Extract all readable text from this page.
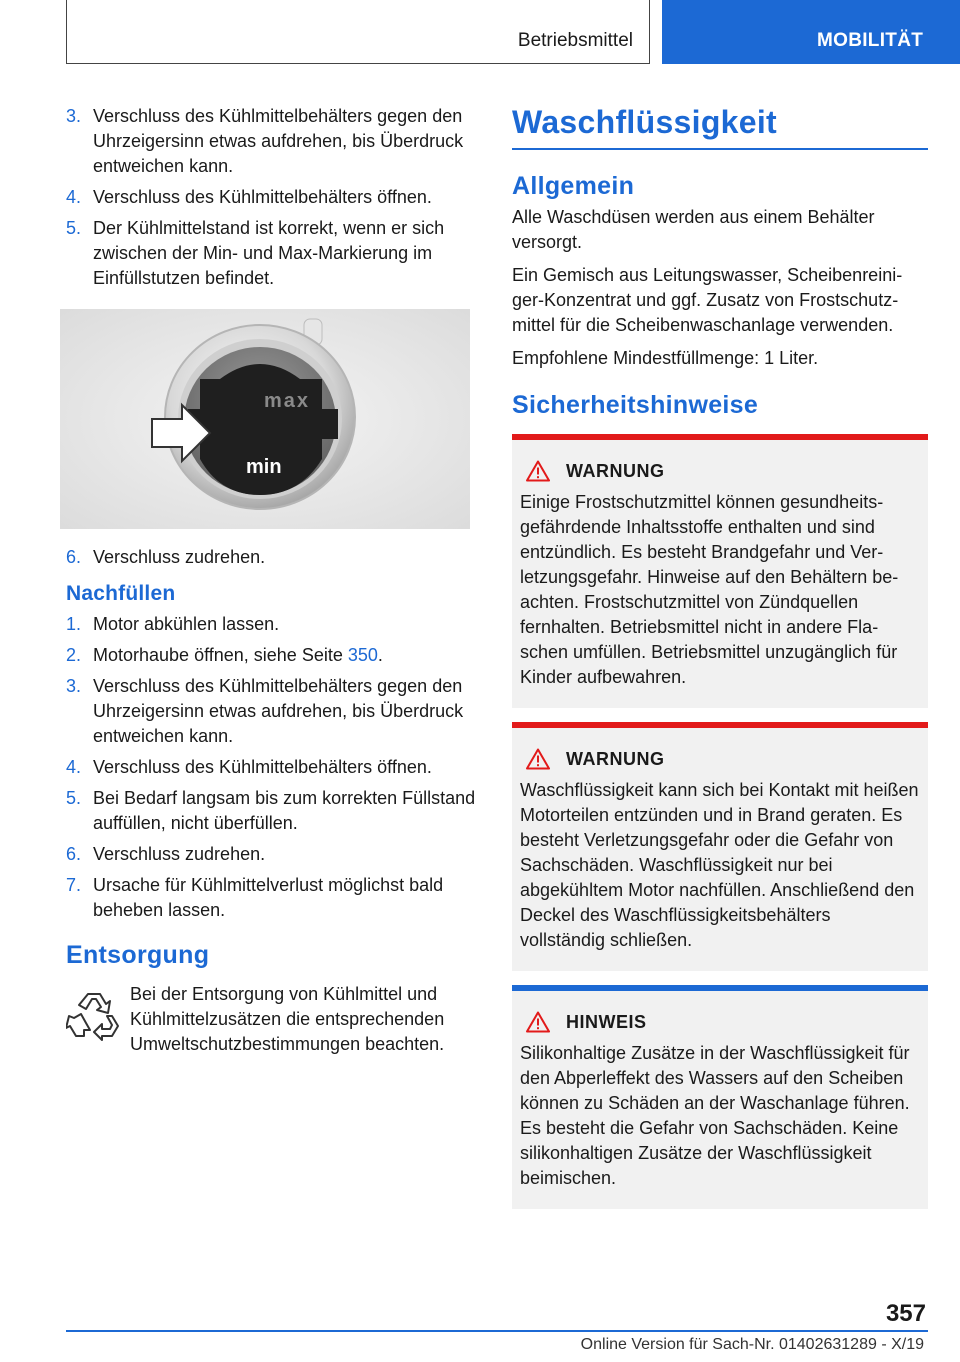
Betriebsmittel	MOBILITÄT
3. Verschluss des Kühlmittelbehälters gegen den Uhrzeigersinn etwas aufdrehen, bis Überdruck entweichen kann.
4. Verschluss des Kühlmittelbehälters öffnen.
5. Der Kühlmittelstand ist korrekt, wenn er sich zwischen der Min- und Max-Markierung im Einfüllstutzen befindet.
max
min
6. Verschluss zudrehen.
Nachfüllen
1. Motor abkühlen lassen.
2. Motorhaube öffnen, siehe Seite 350.
3. Verschluss des Kühlmittelbehälters gegen den Uhrzeigersinn etwas aufdrehen, bis Überdruck entweichen kann.
4. Verschluss des Kühlmittelbehälters öffnen.
5. Bei Bedarf langsam bis zum korrekten Füllstand auffüllen, nicht überfüllen.
6. Verschluss zudrehen.
7. Ursache für Kühlmittelverlust möglichst bald beheben lassen.
Entsorgung
Bei der Entsorgung von Kühlmittel und Kühlmittelzusätzen die entsprechenden Umweltschutzbestimmungen beachten.
Waschflüssigkeit
Allgemein

Alle Waschdüsen werden aus einem Behälter versorgt.

Ein Gemisch aus Leitungswasser, Scheibenreiniger-Konzentrat und ggf. Zusatz von Frostschutzmittel für die Scheibenwaschanlage verwenden.

Empfohlene Mindestfüllmenge: 1 Liter.

Sicherheitshinweise
WARNUNG
Einige Frostschutzmittel können gesundheitsgefährdende Inhaltsstoffe enthalten und sind entzündlich. Es besteht Brandgefahr und Verletzungsgefahr. Hinweise auf den Behältern beachten. Frostschutzmittel von Zündquellen fernhalten. Betriebsmittel nicht in andere Flaschen umfüllen. Betriebsmittel unzugänglich für Kinder aufbewahren.
WARNUNG
Waschflüssigkeit kann sich bei Kontakt mit heißen Motorteilen entzünden und in Brand geraten. Es besteht Verletzungsgefahr oder die Gefahr von Sachschäden. Waschflüssigkeit nur bei abgekühltem Motor nachfüllen. Anschließend den Deckel des Waschflüssigkeitsbehälters vollständig schließen.
HINWEIS
Silikonhaltige Zusätze in der Waschflüssigkeit für den Abperleffekt des Wassers auf den Scheiben können zu Schäden an der Waschanlage führen. Es besteht die Gefahr von Sachschäden. Keine silikonhaltigen Zusätze der Waschflüssigkeit beimischen.
357
Online Version für Sach-Nr. 01402631289 - X/19
